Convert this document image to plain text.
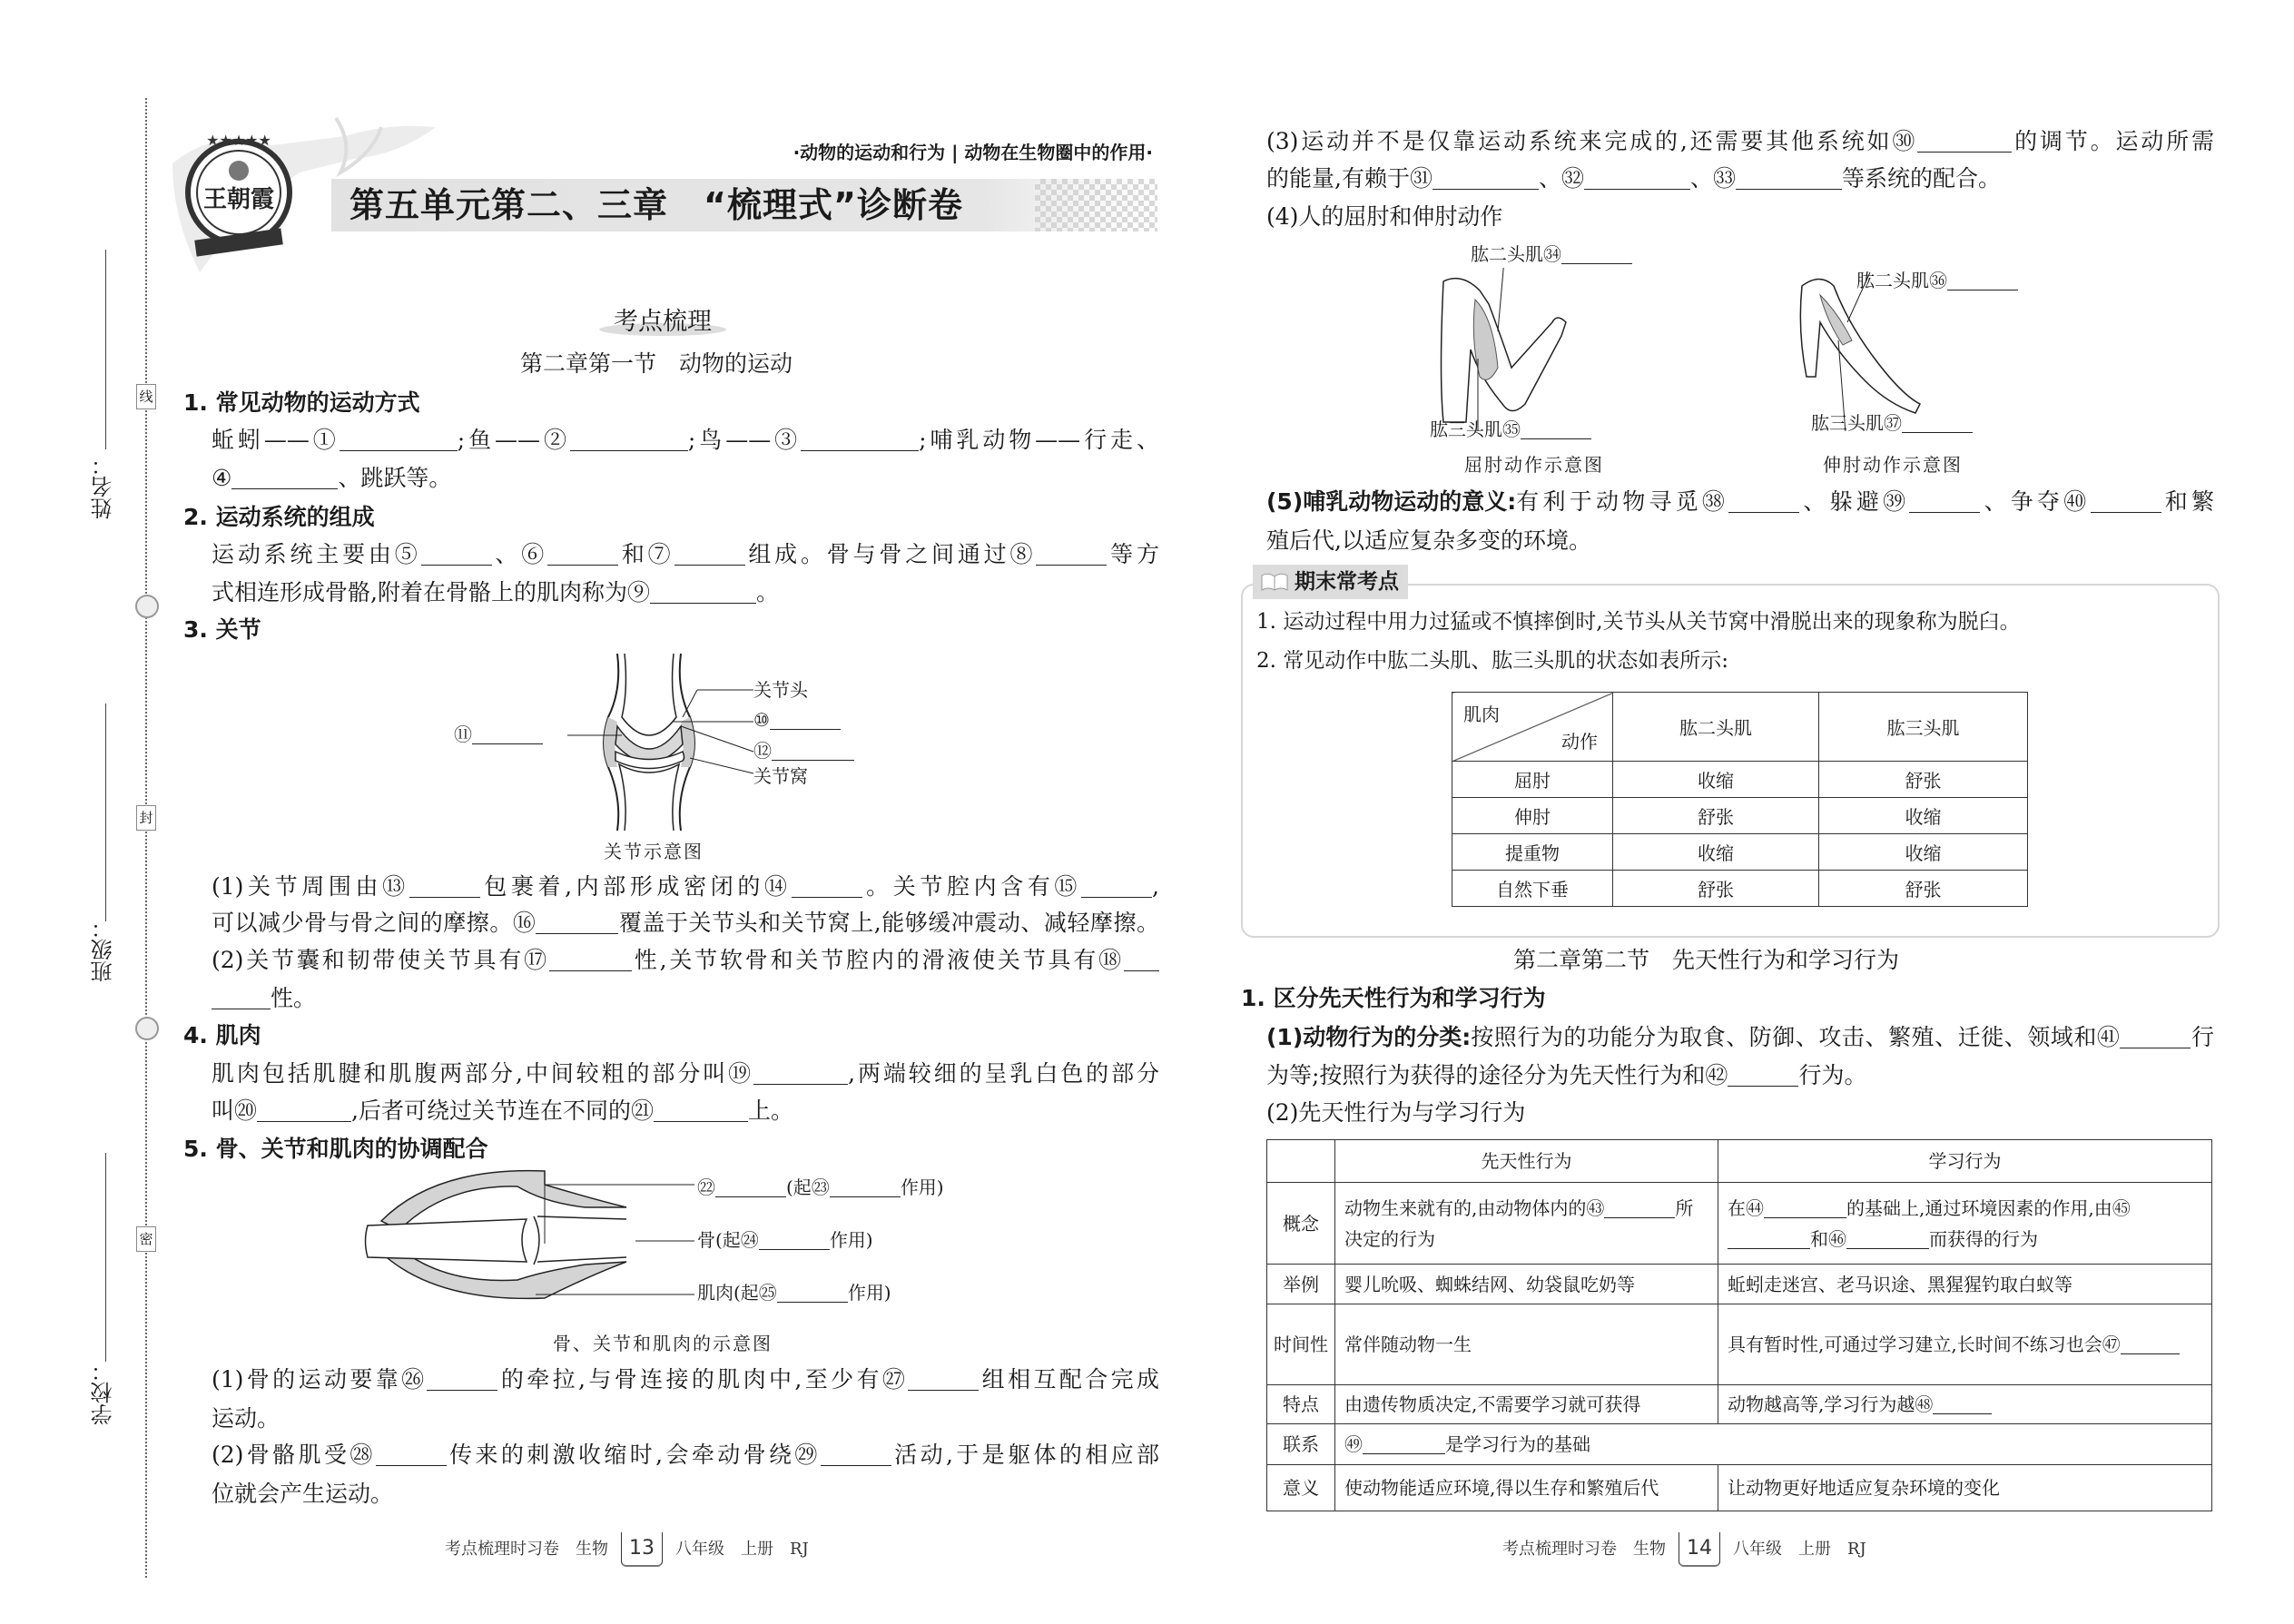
姓名：
班级：
学校：
线
封
密
★★★★★
王朝霞 第五单元第二、三章　“梳理式”诊断卷
·动物的运动和行为 | 动物在生物圈中的作用·
考点梳理
第二章第一节　动物的运动
1. 常见动物的运动方式
蚯蚓——①	;鱼——②	;鸟——③	;哺乳动物——行走、
④	、跳跃等。
2. 运动系统的组成
运动系统主要由⑤	、⑥	和⑦	组成。骨与骨之间通过⑧	等方
式相连形成骨骼,附着在骨骼上的肌肉称为⑨	。
3. 关节
关节头
⑩
⑪
⑫
关节窝
关节示意图
(1)关节周围由⑬	包裹着,内部形成密闭的⑭	。关节腔内含有⑮	,
可以减少骨与骨之间的摩擦。⑯	覆盖于关节头和关节窝上,能够缓冲震动、减轻摩擦。
(2)关节囊和韧带使关节具有⑰	性,关节软骨和关节腔内的滑液使关节具有⑱
性。
4. 肌肉
肌肉包括肌腱和肌腹两部分,中间较粗的部分叫⑲	,两端较细的呈乳白色的部分
叫⑳	,后者可绕过关节连在不同的㉑	上。
5. 骨、关节和肌肉的协调配合
㉒	(起㉓	作用)
骨(起㉔	作用)
肌肉(起㉕	作用)
骨、关节和肌肉的示意图
(1)骨的运动要靠㉖	的牵拉,与骨连接的肌肉中,至少有㉗	组相互配合完成
运动。
(2)骨骼肌受㉘	传来的刺激收缩时,会牵动骨绕㉙	活动,于是躯体的相应部
位就会产生运动。
考点梳理时习卷　生物 13 八年级　上册　RJ
(3)运动并不是仅靠运动系统来完成的,还需要其他系统如㉚	的调节。运动所需
的能量,有赖于㉛	、㉜	、㉝	等系统的配合。
(4)人的屈肘和伸肘动作
肱二头肌㉞
肱三头肌㉟
屈肘动作示意图
肱二头肌㊱
肱三头肌㊲
伸肘动作示意图
(5)哺乳动物运动的意义: 有利于动物寻觅㊳	、躲避㊴	、争夺㊵	和繁
殖后代,以适应复杂多变的环境。
期末常考点
1. 运动过程中用力过猛或不慎摔倒时,关节头从关节窝中滑脱出来的现象称为脱臼。
2. 常见动作中肱二头肌、肱三头肌的状态如表所示:
肌肉
动作	肱二头肌	肱三头肌
屈肘	收缩	舒张
伸肘	舒张	收缩
提重物	收缩	收缩
自然下垂	舒张	舒张
第二章第二节　先天性行为和学习行为
1. 区分先天性行为和学习行为
(1)动物行为的分类: 按照行为的功能分为取食、防御、攻击、繁殖、迁徙、领域和㊶	行
为等;按照行为获得的途径分为先天性行为和㊷	行为。
(2)先天性行为与学习行为
	先天性行为	学习行为
概念	动物生来就有的,由动物体内的㊸ 所决定的行为	在㊹ 的基础上,通过环境因素的作用,由㊺和㊻ 而获得的行为
举例	婴儿吮吸、蜘蛛结网、幼袋鼠吃奶等	蚯蚓走迷宫、老马识途、黑猩猩钓取白蚁等
时间性	常伴随动物一生	具有暂时性,可通过学习建立,长时间不练习也会㊼
特点	由遗传物质决定,不需要学习就可获得	动物越高等,学习行为越㊽
联系	㊾ 是学习行为的基础	
意义	使动物能适应环境,得以生存和繁殖后代	让动物更好地适应复杂环境的变化
考点梳理时习卷　生物 14 八年级　上册　RJ
